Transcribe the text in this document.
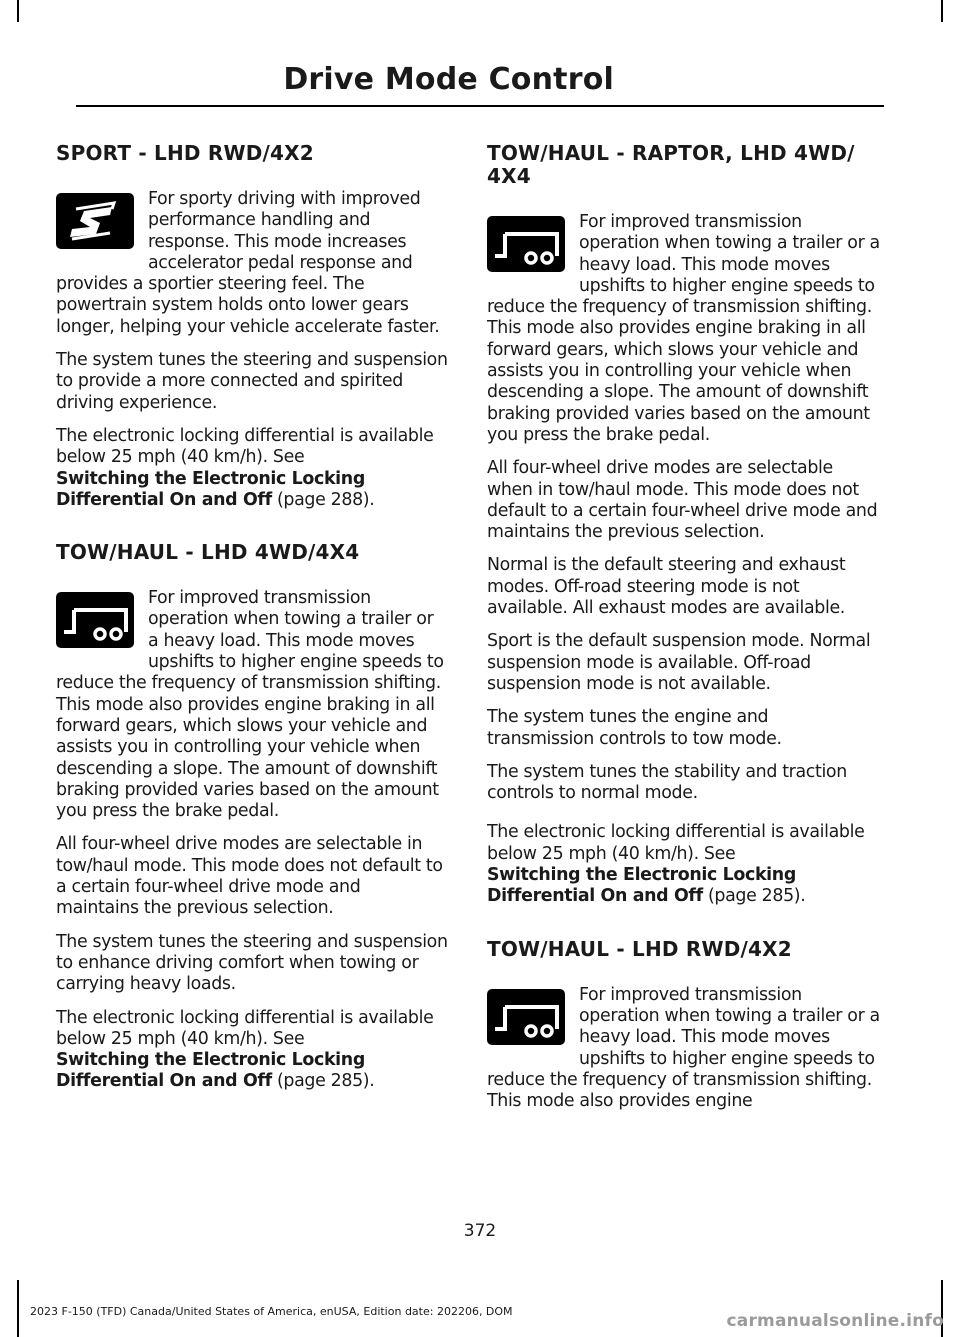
Drive Mode Control
SPORT - LHD RWD/4X2

For sporty driving with improved performance handling and response. This mode increases accelerator pedal response and provides a sportier steering feel. The powertrain system holds onto lower gears longer, helping your vehicle accelerate faster.

The system tunes the steering and suspension to provide a more connected and spirited driving experience.

The electronic locking differential is available below 25 mph (40 km/h). See
Switching the Electronic Locking Differential On and Off (page 288).

TOW/HAUL - LHD 4WD/4X4

For improved transmission operation when towing a trailer or a heavy load. This mode moves upshifts to higher engine speeds to reduce the frequency of transmission shifting. This mode also provides engine braking in all forward gears, which slows your vehicle and assists you in controlling your vehicle when descending a slope. The amount of downshift braking provided varies based on the amount you press the brake pedal.

All four-wheel drive modes are selectable in tow/haul mode. This mode does not default to a certain four-wheel drive mode and maintains the previous selection.

The system tunes the steering and suspension to enhance driving comfort when towing or carrying heavy loads.

The electronic locking differential is available below 25 mph (40 km/h). See
Switching the Electronic Locking Differential On and Off (page 285).

TOW/HAUL - RAPTOR, LHD 4WD/ 4X4

For improved transmission operation when towing a trailer or a heavy load. This mode moves upshifts to higher engine speeds to reduce the frequency of transmission shifting. This mode also provides engine braking in all forward gears, which slows your vehicle and assists you in controlling your vehicle when descending a slope. The amount of downshift braking provided varies based on the amount you press the brake pedal.

All four-wheel drive modes are selectable when in tow/haul mode. This mode does not default to a certain four-wheel drive mode and maintains the previous selection.

Normal is the default steering and exhaust modes. Off-road steering mode is not available. All exhaust modes are available.

Sport is the default suspension mode. Normal suspension mode is available. Off-road suspension mode is not available.

The system tunes the engine and transmission controls to tow mode.

The system tunes the stability and traction controls to normal mode.

The electronic locking differential is available below 25 mph (40 km/h). See
Switching the Electronic Locking Differential On and Off (page 285).

TOW/HAUL - LHD RWD/4X2

For improved transmission operation when towing a trailer or a heavy load. This mode moves upshifts to higher engine speeds to reduce the frequency of transmission shifting. This mode also provides engine

372
2023 F-150 (TFD) Canada/United States of America, enUSA, Edition date: 202206, DOM	carmanualsonline.info
